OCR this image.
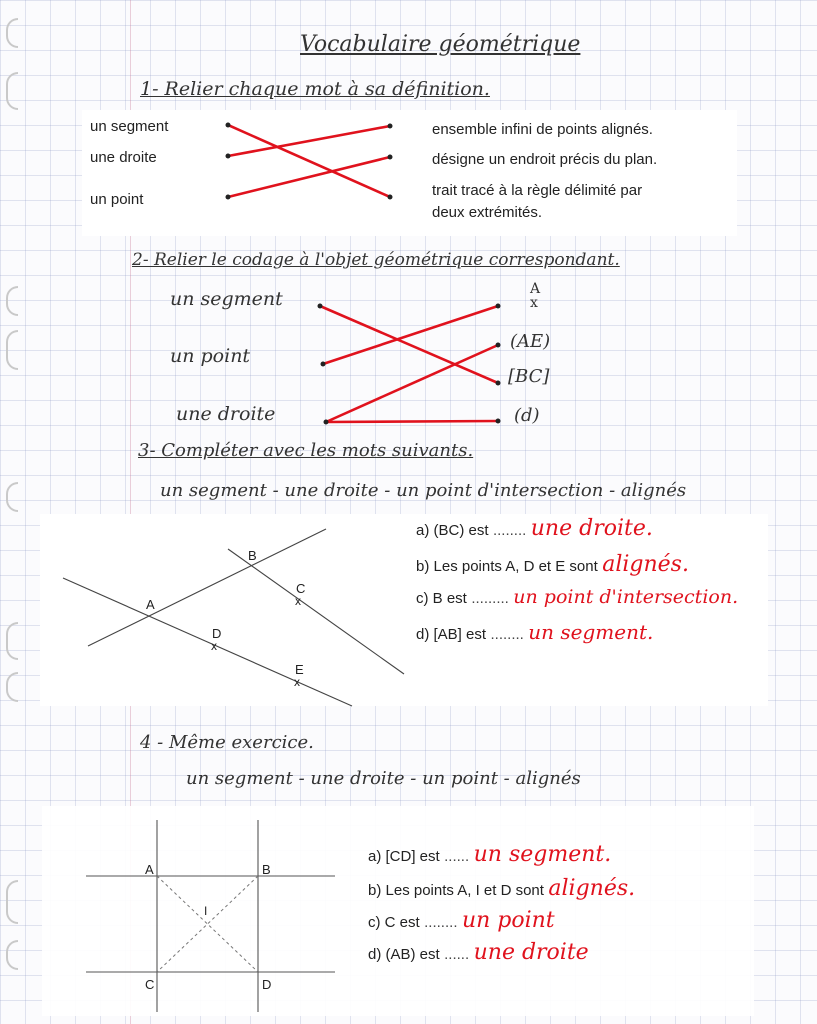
Vocabulaire géométrique
1- Relier chaque mot à sa définition.
un segment
une droite
un point
ensemble infini de points alignés.
désigne un endroit précis du plan.
trait tracé à la règle délimité par
deux extrémités.
2- Relier le codage à l'objet géométrique correspondant.
un segment
un point
une droite
A
x
(AE)
[BC]
(d)
3- Compléter avec les mots suivants.
un segment - une droite - un point d'intersection - alignés
A
B
C
x
D
x
E
x
a) (BC) est ........ une droite.
b) Les points A, D et E sont alignés.
c) B est ......... un point d'intersection.
d) [AB] est ........ un segment.
4 - Même exercice.
un segment - une droite - un point - alignés
A	B
C	D
I
a) [CD] est ...... un segment.
b) Les points A, I et D sont alignés.
c) C est ........ un point
d) (AB) est ...... une droite
